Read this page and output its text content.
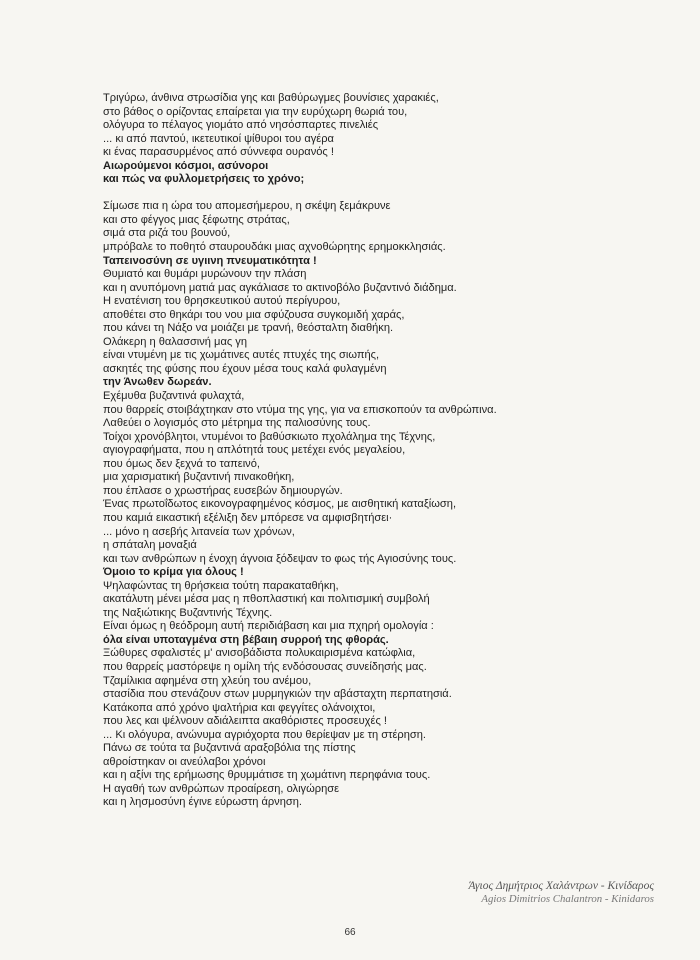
Τριγύρω, άνθινα στρωσίδια γης και βαθύρωγμες βουνίσιες χαρακιές,
στο βάθος ο ορίζοντας επαίρεται για την ευρύχωρη θωριά του,
ολόγυρα το πέλαγος γιομάτο από νησόσπαρτες πινελιές
... κι από παντού, ικετευτικοί ψίθυροι του αγέρα
κι ένας παρασυρμένος από σύννεφα ουρανός !
Αιωρούμενοι κόσμοι, ασύνοροι
και πώς να φυλλομετρήσεις το χρόνο;
Σίμωσε πια η ώρα του απομεσήμερου, η σκέψη ξεμάκρυνε
και στο φέγγος μιας ξέφωτης στράτας,
σιμά στα ριζά του βουνού,
μπρόβαλε το ποθητό σταυρουδάκι μιας αχνοθώρητης ερημοκκλησιάς.
Ταπεινοσύνη σε υγιινη πνευματικότητα !
Θυμιατό και θυμάρι μυρώνουν την πλάση
και η ανυπόμονη ματιά μας αγκάλιασε το ακτινοβόλο βυζαντινό διάδημα.
Η ενατένιση του θρησκευτικού αυτού περίγυρου,
αποθέτει στο θηκάρι του νου μια σφύζουσα συγκομιδή χαράς,
που κάνει τη Νάξο να μοιάζει με τρανή, θεόσταλτη διαθήκη.
Ολάκερη η θαλασσινή μας γη
είναι ντυμένη με τις χωμάτινες αυτές πτυχές της σιωπής,
ασκητές της φύσης που έχουν μέσα τους καλά φυλαγμένη
την Άνωθεν δωρεάν.
Εχέμυθα βυζαντινά φυλαχτά,
που θαρρείς στοιβάχτηκαν στο ντύμα της γης, για να επισκοπούν τα ανθρώπινα.
Λαθεύει ο λογισμός στο μέτρημα της παλιοσύνης τους.
Τοίχοι χρονόβλητοι, ντυμένοι το βαθύσκιωτο πχολάλημα της Τέχνης,
αγιογραφήματα, που η απλότητά τους μετέχει ενός μεγαλείου,
που όμως δεν ξεχνά το ταπεινό,
μια χαρισματική βυζαντινή πινακοθήκη,
που έπλασε ο χρωστήρας ευσεβών δημιουργών.
Ένας πρωτοΐδωτος εικονογραφημένος κόσμος, με αισθητική καταξίωση,
που καμιά εικαστική εξέλιξη δεν μπόρεσε να αμφισβητήσει·
... μόνο η ασεβής λιτανεία των χρόνων,
η σπάταλη μοναξιά
και των ανθρώπων η ένοχη άγνοια ξόδεψαν το φως τής Αγιοσύνης τους.
Όμοιο το κρίμα για όλους !
Ψηλαφώντας τη θρήσκεια τούτη παρακαταθήκη,
ακατάλυτη μένει μέσα μας η πθοπλαστική και πολιτισμική συμβολή
της Ναξιώτικης Βυζαντινής Τέχνης.
Είναι όμως η θεόδρομη αυτή περιδιάβαση και μια πχηρή ομολογία :
όλα είναι υποταγμένα στη βέβαιη συρροή της φθοράς.
Ξώθυρες σφαλιστές μ' ανισοβάδιστα πολυκαιρισμένα κατώφλια,
που θαρρείς μαστόρεψε η ομίλη τής ενδόσουσας συνείδησής μας.
Τζαμίλικια αφημένα στη χλεύη του ανέμου,
στασίδια που στενάζουν στων μυρμηγκιών την αβάσταχτη περπατησιά.
Κατάκοπα από χρόνο ψαλτήρια και φεγγίτες ολάνοιχτοι,
που λες και ψέλνουν αδιάλειπτα ακαθόριστες προσευχές !
... Κι ολόγυρα, ανώνυμα αγριόχορτα που θερίεψαν με τη στέρηση.
Πάνω σε τούτα τα βυζαντινά αραξοβόλια της πίστης
αθροίστηκαν οι ανεύλαβοι χρόνοι
και η αξίνι της ερήμωσης θρυμμάτισε τη χωμάτινη περηφάνια τους.
Η αγαθή των ανθρώπων προαίρεση, ολιγώρησε
και η λησμοσύνη έγινε εύρωστη άρνηση.
Άγιος Δημήτριος Χαλάντρων - Κινίδαρος
Agios Dimitrios Chalantron - Kinidaros
66
